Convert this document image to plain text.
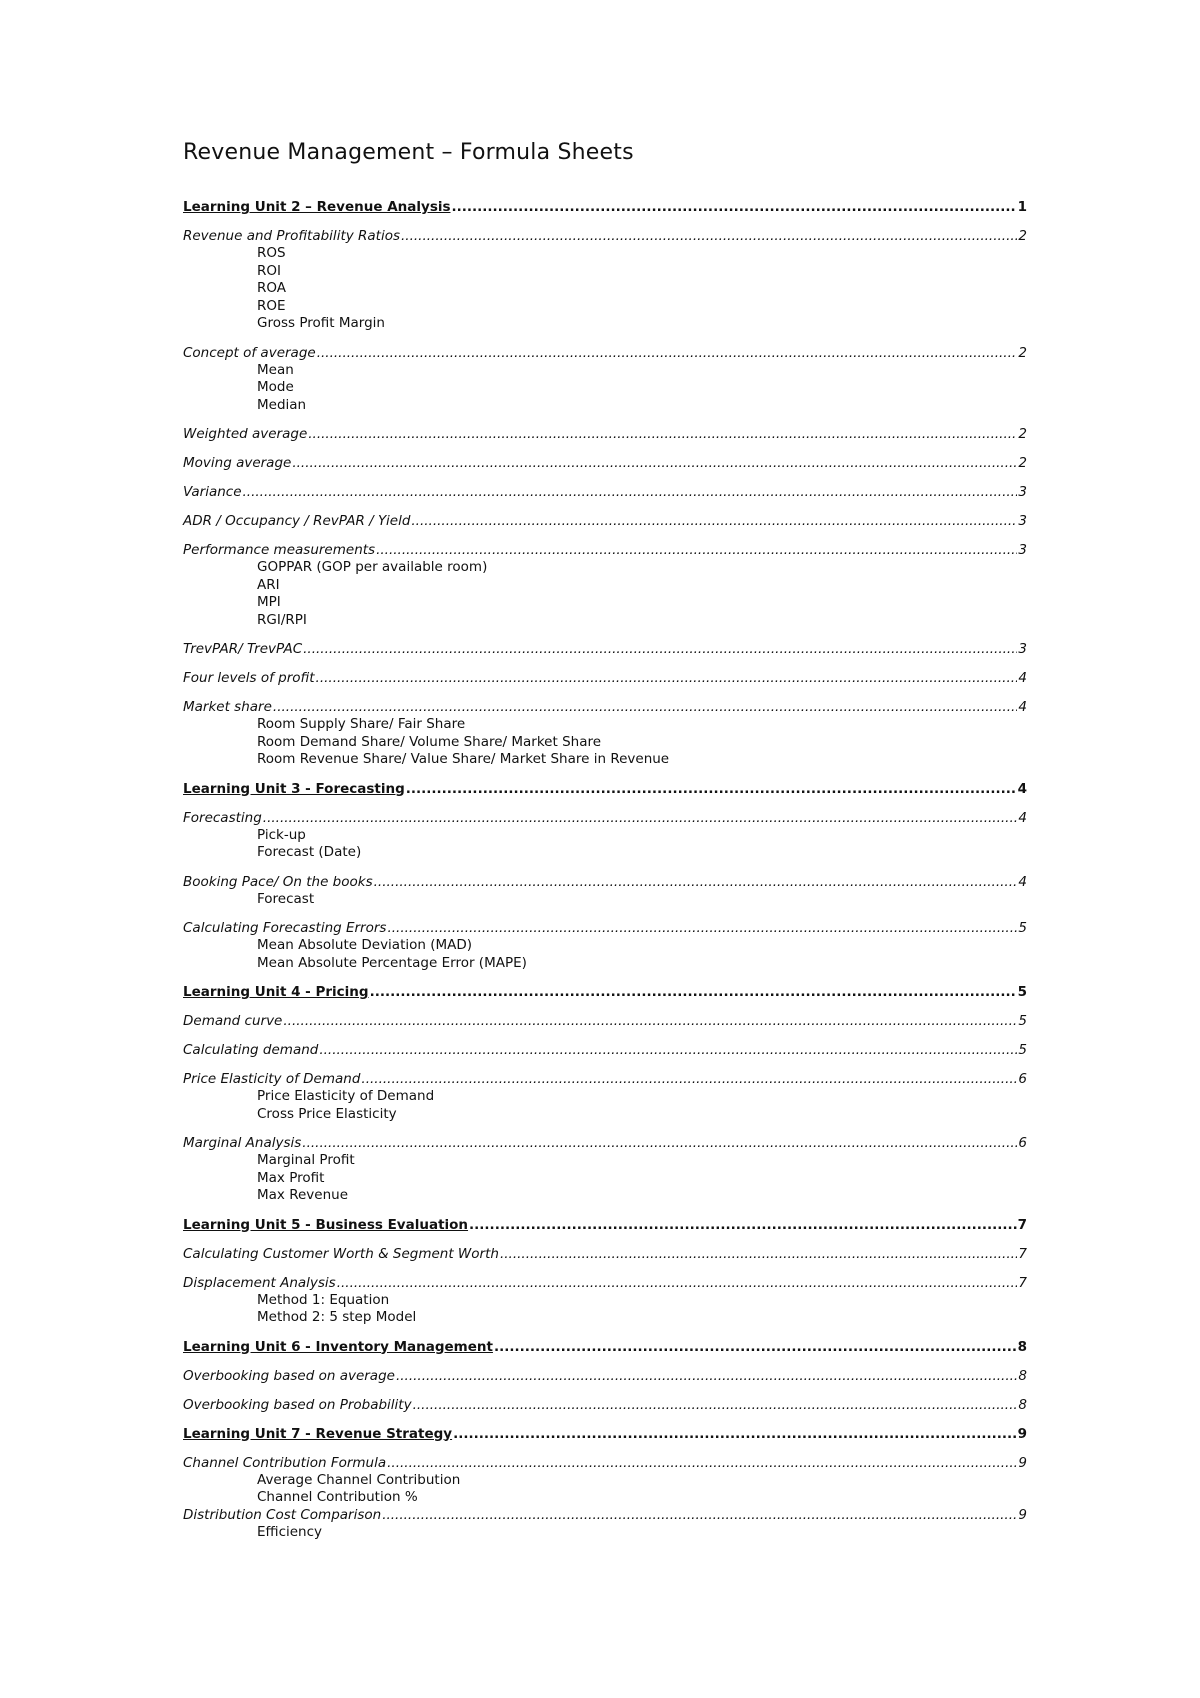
Revenue Management – Formula Sheets
Learning Unit 2 – Revenue Analysis .....	1
Revenue and Profitability Ratios .....	2
ROS
ROI
ROA
ROE
Gross Profit Margin
Concept of average .....	2
Mean
Mode
Median
Weighted average .....	2
Moving average .....	2
Variance .....	3
ADR / Occupancy / RevPAR / Yield .....	3
Performance measurements .....	3
GOPPAR (GOP per available room)
ARI
MPI
RGI/RPI
TrevPAR/ TrevPAC .....	3
Four levels of profit .....	4
Market share .....	4
Room Supply Share/ Fair Share
Room Demand Share/ Volume Share/ Market Share
Room Revenue Share/ Value Share/ Market Share in Revenue
Learning Unit 3 - Forecasting .....	4
Forecasting .....	4
Pick-up
Forecast (Date)
Booking Pace/ On the books .....	4
Forecast
Calculating Forecasting Errors .....	5
Mean Absolute Deviation (MAD)
Mean Absolute Percentage Error (MAPE)
Learning Unit 4 - Pricing .....	5
Demand curve .....	5
Calculating demand .....	5
Price Elasticity of Demand .....	6
Price Elasticity of Demand
Cross Price Elasticity
Marginal Analysis .....	6
Marginal Profit
Max Profit
Max Revenue
Learning Unit 5 - Business Evaluation .....	7
Calculating Customer Worth & Segment Worth .....	7
Displacement Analysis .....	7
Method 1: Equation
Method 2: 5 step Model
Learning Unit 6 - Inventory Management .....	8
Overbooking based on average .....	8
Overbooking based on Probability .....	8
Learning Unit 7 - Revenue Strategy .....	9
Channel Contribution Formula .....	9
Average Channel Contribution
Channel Contribution %
Distribution Cost Comparison .....	9
Efficiency
